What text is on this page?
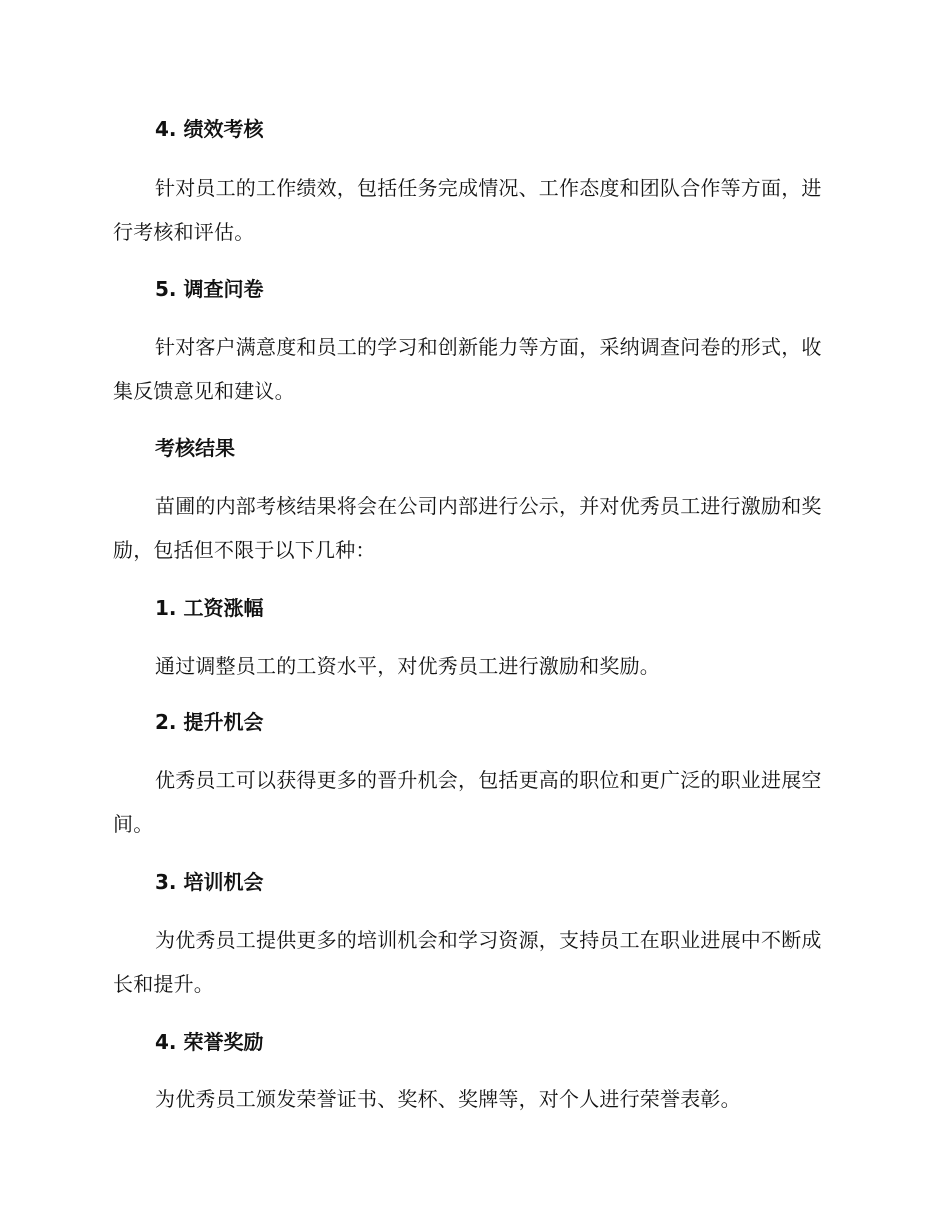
4. 绩效考核
针对员工的工作绩效，包括任务完成情况、工作态度和团队合作等方面，进行考核和评估。
5. 调查问卷
针对客户满意度和员工的学习和创新能力等方面，采纳调查问卷的形式，收集反馈意见和建议。
考核结果
苗圃的内部考核结果将会在公司内部进行公示，并对优秀员工进行激励和奖励，包括但不限于以下几种：
1. 工资涨幅
通过调整员工的工资水平，对优秀员工进行激励和奖励。
2. 提升机会
优秀员工可以获得更多的晋升机会，包括更高的职位和更广泛的职业进展空间。
3. 培训机会
为优秀员工提供更多的培训机会和学习资源，支持员工在职业进展中不断成长和提升。
4. 荣誉奖励
为优秀员工颁发荣誉证书、奖杯、奖牌等，对个人进行荣誉表彰。
